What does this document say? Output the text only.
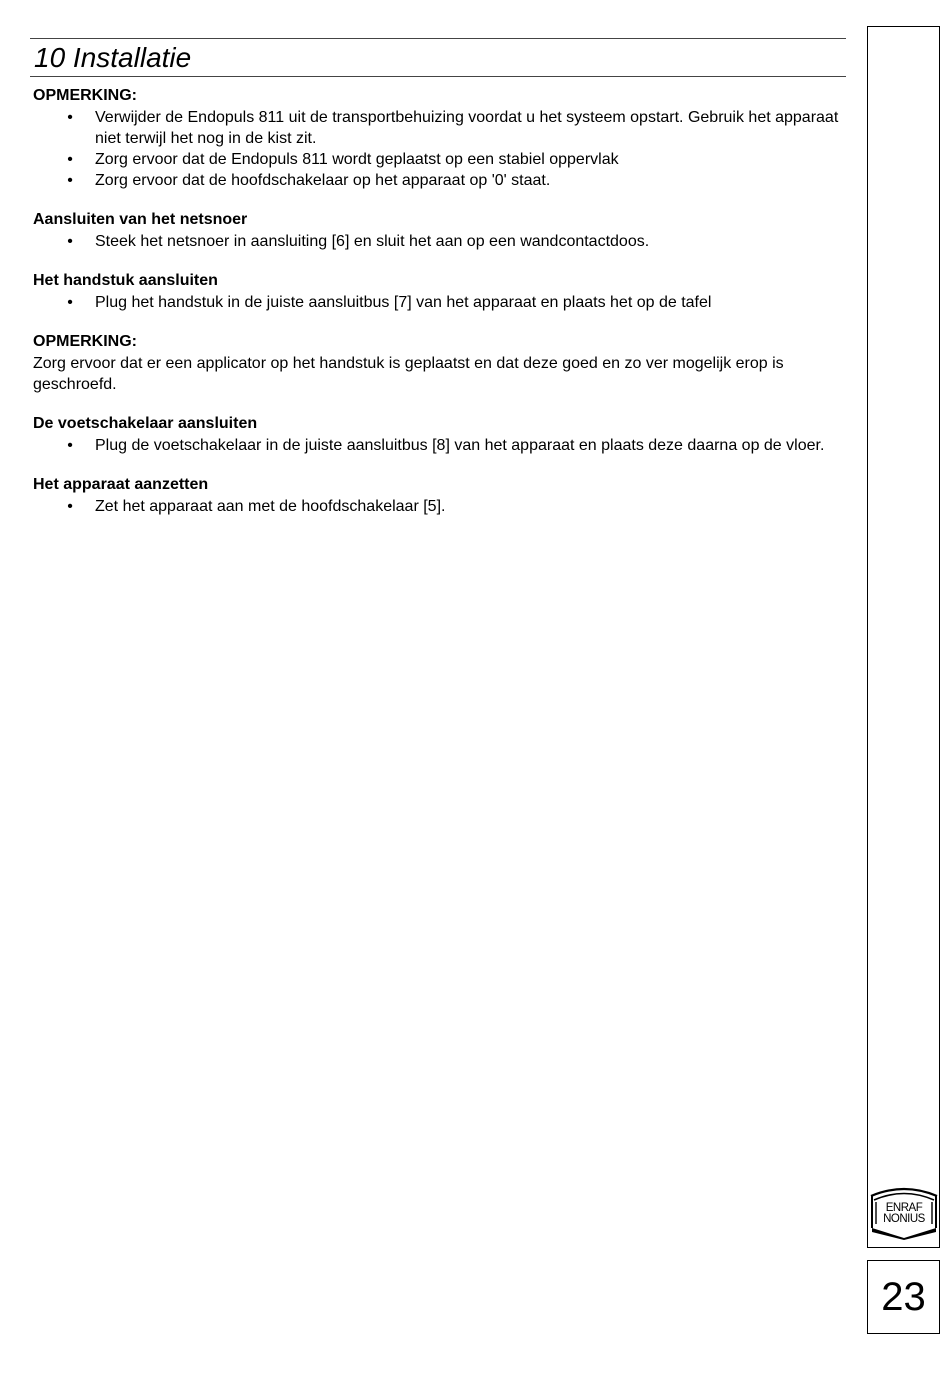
10 Installatie
OPMERKING:
• Verwijder de Endopuls 811 uit de transportbehuizing voordat u het systeem opstart. Gebruik het apparaat niet terwijl het nog in de kist zit.
• Zorg ervoor dat de Endopuls 811 wordt geplaatst op een stabiel oppervlak
• Zorg ervoor dat de hoofdschakelaar op het apparaat op '0' staat.
Aansluiten van het netsnoer
• Steek het netsnoer in aansluiting [6] en sluit het aan op een wandcontactdoos.
Het handstuk aansluiten
• Plug het handstuk in de juiste aansluitbus [7] van het apparaat en plaats het op de tafel
OPMERKING:

Zorg ervoor dat er een applicator op het handstuk is geplaatst en dat deze goed en zo ver mogelijk erop is geschroefd.

De voetschakelaar aansluiten
• Plug de voetschakelaar in de juiste aansluitbus [8] van het apparaat en plaats deze daarna op de vloer.
Het apparaat aanzetten
• Zet het apparaat aan met de hoofdschakelaar [5].
ENRAF
NONIUS
23
